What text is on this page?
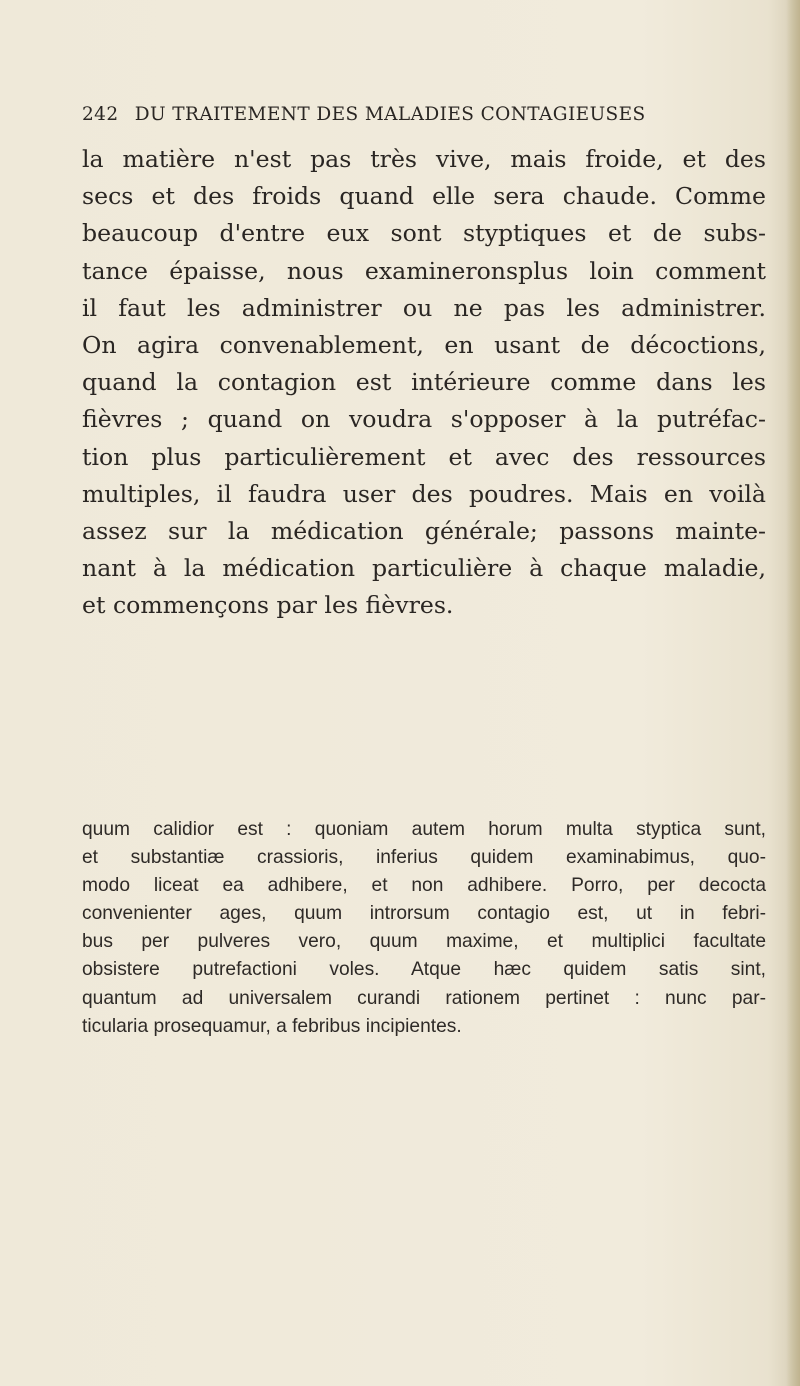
242 DU TRAITEMENT DES MALADIES CONTAGIEUSES

la matière n'est pas très vive, mais froide, et des
secs et des froids quand elle sera chaude. Comme
beaucoup d'entre eux sont styptiques et de subs-
tance épaisse, nous examineronsplus loin comment
il faut les administrer ou ne pas les administrer.
On agira convenablement, en usant de décoctions,
quand la contagion est intérieure comme dans les
fièvres ; quand on voudra s'opposer à la putréfac-
tion plus particulièrement et avec des ressources
multiples, il faudra user des poudres. Mais en voilà
assez sur la médication générale; passons mainte-
nant à la médication particulière à chaque maladie,
et commençons par les fièvres.

quum calidior est : quoniam autem horum multa styptica sunt,
et substantiæ crassioris, inferius quidem examinabimus, quo-
modo liceat ea adhibere, et non adhibere. Porro, per decocta
convenienter ages, quum introrsum contagio est, ut in febri-
bus per pulveres vero, quum maxime, et multiplici facultate
obsistere putrefactioni voles. Atque hæc quidem satis sint,
quantum ad universalem curandi rationem pertinet : nunc par-
ticularia prosequamur, a febribus incipientes.
